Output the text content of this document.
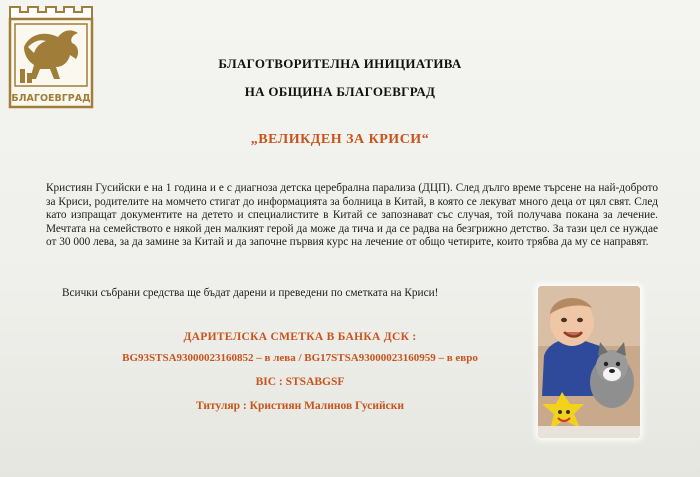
БЛАГОЕВГРАД
БЛАГОТВОРИТЕЛНА ИНИЦИАТИВА
НА ОБЩИНА БЛАГОЕВГРАД
„ВЕЛИКДЕН ЗА КРИСИ“

Кристиян Гусийски е на 1 година и е с диагноза детска церебрална парализа (ДЦП). След дълго време търсене на най-доброто за Криси, родителите на момчето стигат до информацията за болница в Китай, в която се лекуват много деца от цял свят. След като изпращат документите на детето и специалистите в Китай се запознават със случая, той получава покана за лечение. Мечтата на семейството е някой ден малкият герой да може да тича и да се радва на безгрижно детство. За тази цел се нуждае от 30 000 лева, за да замине за Китай и да започне първия курс на лечение от общо четирите, които трябва да му се направят.

Всички събрани средства ще бъдат дарени и преведени по сметката на Криси!
ДАРИТЕЛСКА СМЕТКА В БАНКА ДСК :
BG93STSA93000023160852 – в лева / BG17STSA93000023160959 – в евро
BIC : STSABGSF
Титуляр : Кристиян Малинов Гусийски
